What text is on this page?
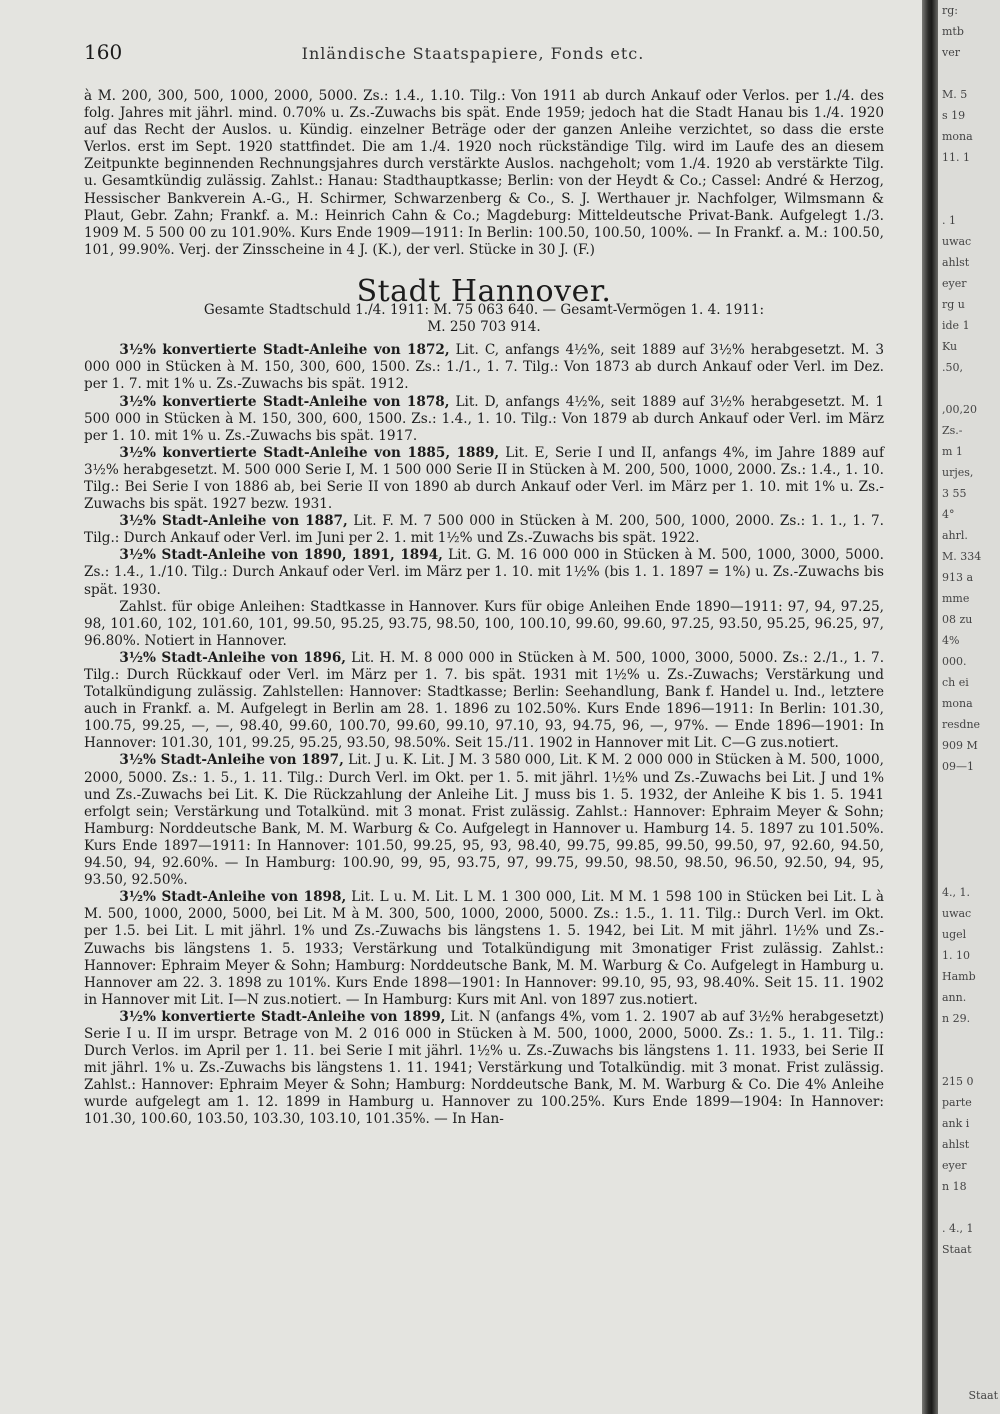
160	Inländische Staatspapiere, Fonds etc.

à M. 200, 300, 500, 1000, 2000, 5000. Zs.: 1.4., 1.10. Tilg.: Von 1911 ab durch Ankauf oder Verlos. per 1./4. des folg. Jahres mit jährl. mind. 0.70% u. Zs.-Zuwachs bis spät. Ende 1959; jedoch hat die Stadt Hanau bis 1./4. 1920 auf das Recht der Auslos. u. Kündig. einzelner Beträge oder der ganzen Anleihe verzichtet, so dass die erste Verlos. erst im Sept. 1920 stattfindet. Die am 1./4. 1920 noch rückständige Tilg. wird im Laufe des an diesem Zeitpunkte beginnenden Rechnungsjahres durch verstärkte Auslos. nachgeholt; vom 1./4. 1920 ab verstärkte Tilg. u. Gesamtkündig zulässig. Zahlst.: Hanau: Stadthauptkasse; Berlin: von der Heydt & Co.; Cassel: André & Herzog, Hessischer Bankverein A.-G., H. Schirmer, Schwarzenberg & Co., S. J. Werthauer jr. Nachfolger, Wilmsmann & Plaut, Gebr. Zahn; Frankf. a. M.: Heinrich Cahn & Co.; Magdeburg: Mitteldeutsche Privat-Bank. Aufgelegt 1./3. 1909 M. 5 500 00 zu 101.90%. Kurs Ende 1909—1911: In Berlin: 100.50, 100.50, 100%. — In Frankf. a. M.: 100.50, 101, 99.90%. Verj. der Zinsscheine in 4 J. (K.), der verl. Stücke in 30 J. (F.)

Stadt Hannover.
Gesamte Stadtschuld 1./4. 1911: M. 75 063 640. — Gesamt-Vermögen 1. 4. 1911:
M. 250 703 914.

3½% konvertierte Stadt-Anleihe von 1872, Lit. C, anfangs 4½%, seit 1889 auf 3½% herabgesetzt. M. 3 000 000 in Stücken à M. 150, 300, 600, 1500. Zs.: 1./1., 1. 7. Tilg.: Von 1873 ab durch Ankauf oder Verl. im Dez. per 1. 7. mit 1% u. Zs.-Zuwachs bis spät. 1912.

3½% konvertierte Stadt-Anleihe von 1878, Lit. D, anfangs 4½%, seit 1889 auf 3½% herabgesetzt. M. 1 500 000 in Stücken à M. 150, 300, 600, 1500. Zs.: 1.4., 1. 10. Tilg.: Von 1879 ab durch Ankauf oder Verl. im März per 1. 10. mit 1% u. Zs.-Zuwachs bis spät. 1917.

3½% konvertierte Stadt-Anleihe von 1885, 1889, Lit. E, Serie I und II, anfangs 4%, im Jahre 1889 auf 3½% herabgesetzt. M. 500 000 Serie I, M. 1 500 000 Serie II in Stücken à M. 200, 500, 1000, 2000. Zs.: 1.4., 1. 10. Tilg.: Bei Serie I von 1886 ab, bei Serie II von 1890 ab durch Ankauf oder Verl. im März per 1. 10. mit 1% u. Zs.-Zuwachs bis spät. 1927 bezw. 1931.

3½% Stadt-Anleihe von 1887, Lit. F. M. 7 500 000 in Stücken à M. 200, 500, 1000, 2000. Zs.: 1. 1., 1. 7. Tilg.: Durch Ankauf oder Verl. im Juni per 2. 1. mit 1½% und Zs.-Zuwachs bis spät. 1922.

3½% Stadt-Anleihe von 1890, 1891, 1894, Lit. G. M. 16 000 000 in Stücken à M. 500, 1000, 3000, 5000. Zs.: 1.4., 1./10. Tilg.: Durch Ankauf oder Verl. im März per 1. 10. mit 1½% (bis 1. 1. 1897 = 1%) u. Zs.-Zuwachs bis spät. 1930.

Zahlst. für obige Anleihen: Stadtkasse in Hannover. Kurs für obige Anleihen Ende 1890—1911: 97, 94, 97.25, 98, 101.60, 102, 101.60, 101, 99.50, 95.25, 93.75, 98.50, 100, 100.10, 99.60, 99.60, 97.25, 93.50, 95.25, 96.25, 97, 96.80%. Notiert in Hannover.

3½% Stadt-Anleihe von 1896, Lit. H. M. 8 000 000 in Stücken à M. 500, 1000, 3000, 5000. Zs.: 2./1., 1. 7. Tilg.: Durch Rückkauf oder Verl. im März per 1. 7. bis spät. 1931 mit 1½% u. Zs.-Zuwachs; Verstärkung und Totalkündigung zulässig. Zahlstellen: Hannover: Stadtkasse; Berlin: Seehandlung, Bank f. Handel u. Ind., letztere auch in Frankf. a. M. Aufgelegt in Berlin am 28. 1. 1896 zu 102.50%. Kurs Ende 1896—1911: In Berlin: 101.30, 100.75, 99.25, —, —, 98.40, 99.60, 100.70, 99.60, 99.10, 97.10, 93, 94.75, 96, —, 97%. — Ende 1896—1901: In Hannover: 101.30, 101, 99.25, 95.25, 93.50, 98.50%. Seit 15./11. 1902 in Hannover mit Lit. C—G zus.notiert.

3½% Stadt-Anleihe von 1897, Lit. J u. K. Lit. J M. 3 580 000, Lit. K M. 2 000 000 in Stücken à M. 500, 1000, 2000, 5000. Zs.: 1. 5., 1. 11. Tilg.: Durch Verl. im Okt. per 1. 5. mit jährl. 1½% und Zs.-Zuwachs bei Lit. J und 1% und Zs.-Zuwachs bei Lit. K. Die Rückzahlung der Anleihe Lit. J muss bis 1. 5. 1932, der Anleihe K bis 1. 5. 1941 erfolgt sein; Verstärkung und Totalkünd. mit 3 monat. Frist zulässig. Zahlst.: Hannover: Ephraim Meyer & Sohn; Hamburg: Norddeutsche Bank, M. M. Warburg & Co. Aufgelegt in Hannover u. Hamburg 14. 5. 1897 zu 101.50%. Kurs Ende 1897—1911: In Hannover: 101.50, 99.25, 95, 93, 98.40, 99.75, 99.85, 99.50, 99.50, 97, 92.60, 94.50, 94.50, 94, 92.60%. — In Hamburg: 100.90, 99, 95, 93.75, 97, 99.75, 99.50, 98.50, 98.50, 96.50, 92.50, 94, 95, 93.50, 92.50%.

3½% Stadt-Anleihe von 1898, Lit. L u. M. Lit. L M. 1 300 000, Lit. M M. 1 598 100 in Stücken bei Lit. L à M. 500, 1000, 2000, 5000, bei Lit. M à M. 300, 500, 1000, 2000, 5000. Zs.: 1.5., 1. 11. Tilg.: Durch Verl. im Okt. per 1.5. bei Lit. L mit jährl. 1% und Zs.-Zuwachs bis längstens 1. 5. 1942, bei Lit. M mit jährl. 1½% und Zs.-Zuwachs bis längstens 1. 5. 1933; Verstärkung und Totalkündigung mit 3monatiger Frist zulässig. Zahlst.: Hannover: Ephraim Meyer & Sohn; Hamburg: Norddeutsche Bank, M. M. Warburg & Co. Aufgelegt in Hamburg u. Hannover am 22. 3. 1898 zu 101%. Kurs Ende 1898—1901: In Hannover: 99.10, 95, 93, 98.40%. Seit 15. 11. 1902 in Hannover mit Lit. I—N zus.notiert. — In Hamburg: Kurs mit Anl. von 1897 zus.notiert.

3½% konvertierte Stadt-Anleihe von 1899, Lit. N (anfangs 4%, vom 1. 2. 1907 ab auf 3½% herabgesetzt) Serie I u. II im urspr. Betrage von M. 2 016 000 in Stücken à M. 500, 1000, 2000, 5000. Zs.: 1. 5., 1. 11. Tilg.: Durch Verlos. im April per 1. 11. bei Serie I mit jährl. 1½% u. Zs.-Zuwachs bis längstens 1. 11. 1933, bei Serie II mit jährl. 1% u. Zs.-Zuwachs bis längstens 1. 11. 1941; Verstärkung und Totalkündig. mit 3 monat. Frist zulässig. Zahlst.: Hannover: Ephraim Meyer & Sohn; Hamburg: Norddeutsche Bank, M. M. Warburg & Co. Die 4% Anleihe wurde aufgelegt am 1. 12. 1899 in Hamburg u. Hannover zu 100.25%. Kurs Ende 1899—1904: In Hannover: 101.30, 100.60, 103.50, 103.30, 103.10, 101.35%. — In Han-

rg:
mtb
ver
M. 5
s 19
mona
11. 1
. 1
uwac
ahlst
eyer
rg u
ide 1
Ku
.50,
,00,20
Zs.-
m 1
urjes,
3 55
4°
ahrl.
M. 334
913 a
mme
08 zu
4%
000.
ch ei
mona
resdne
909 M
09—1
4., 1.
uwac
ugel
1. 10
Hamb
ann.
n 29.
215 0
parte
ank i
ahlst
eyer
n 18
. 4., 1
Staat
Staat
